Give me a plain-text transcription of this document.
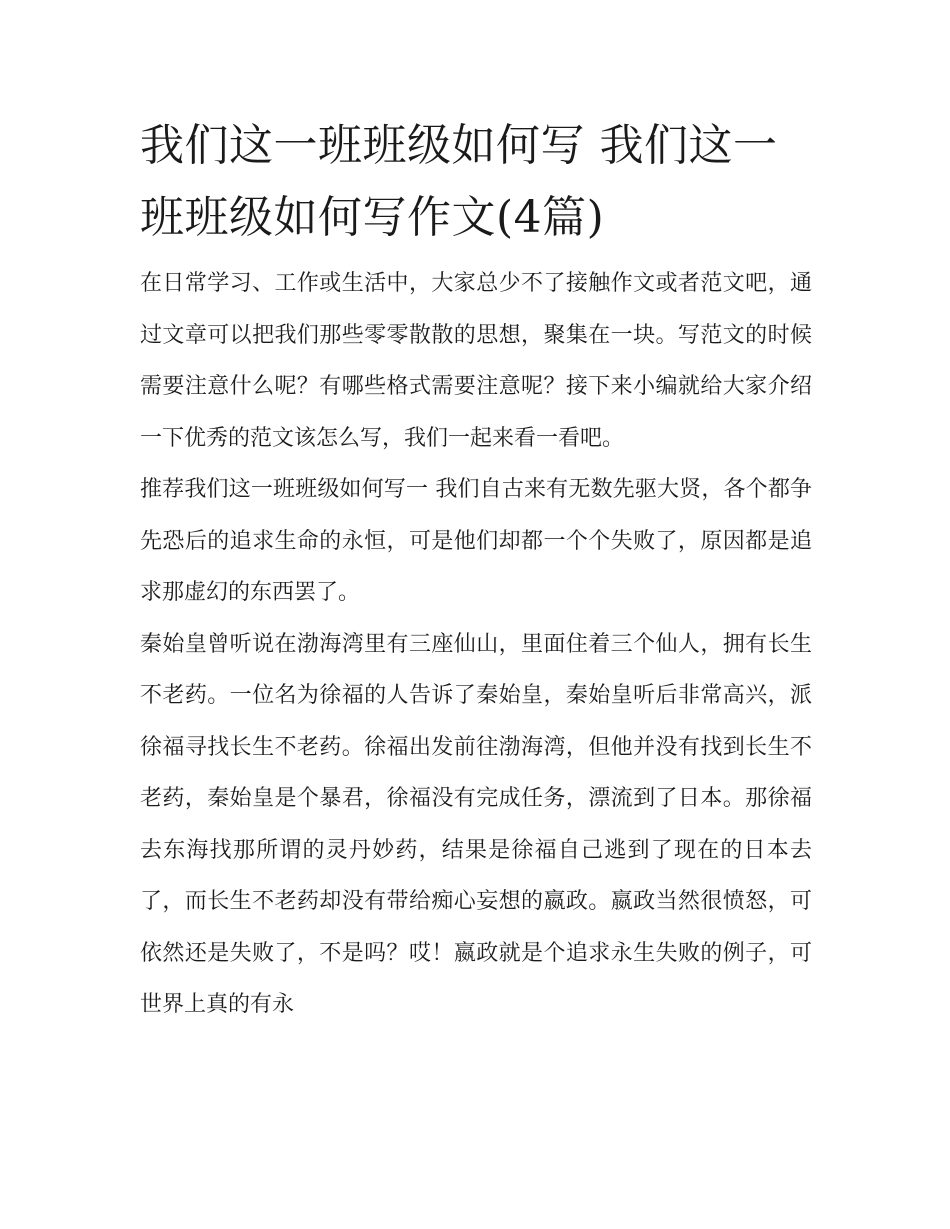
我们这一班班级如何写 我们这一班班级如何写作文(4篇)

在日常学习、工作或生活中，大家总少不了接触作文或者范文吧，通过文章可以把我们那些零零散散的思想，聚集在一块。写范文的时候需要注意什么呢？有哪些格式需要注意呢？接下来小编就给大家介绍一下优秀的范文该怎么写，我们一起来看一看吧。

推荐我们这一班班级如何写一 我们自古来有无数先驱大贤，各个都争先恐后的追求生命的永恒，可是他们却都一个个失败了，原因都是追求那虚幻的东西罢了。

秦始皇曾听说在渤海湾里有三座仙山，里面住着三个仙人，拥有长生不老药。一位名为徐福的人告诉了秦始皇，秦始皇听后非常高兴，派徐福寻找长生不老药。徐福出发前往渤海湾，但他并没有找到长生不老药，秦始皇是个暴君，徐福没有完成任务，漂流到了日本。那徐福去东海找那所谓的灵丹妙药，结果是徐福自己逃到了现在的日本去了，而长生不老药却没有带给痴心妄想的嬴政。嬴政当然很愤怒，可依然还是失败了，不是吗？哎！嬴政就是个追求永生失败的例子，可世界上真的有永
